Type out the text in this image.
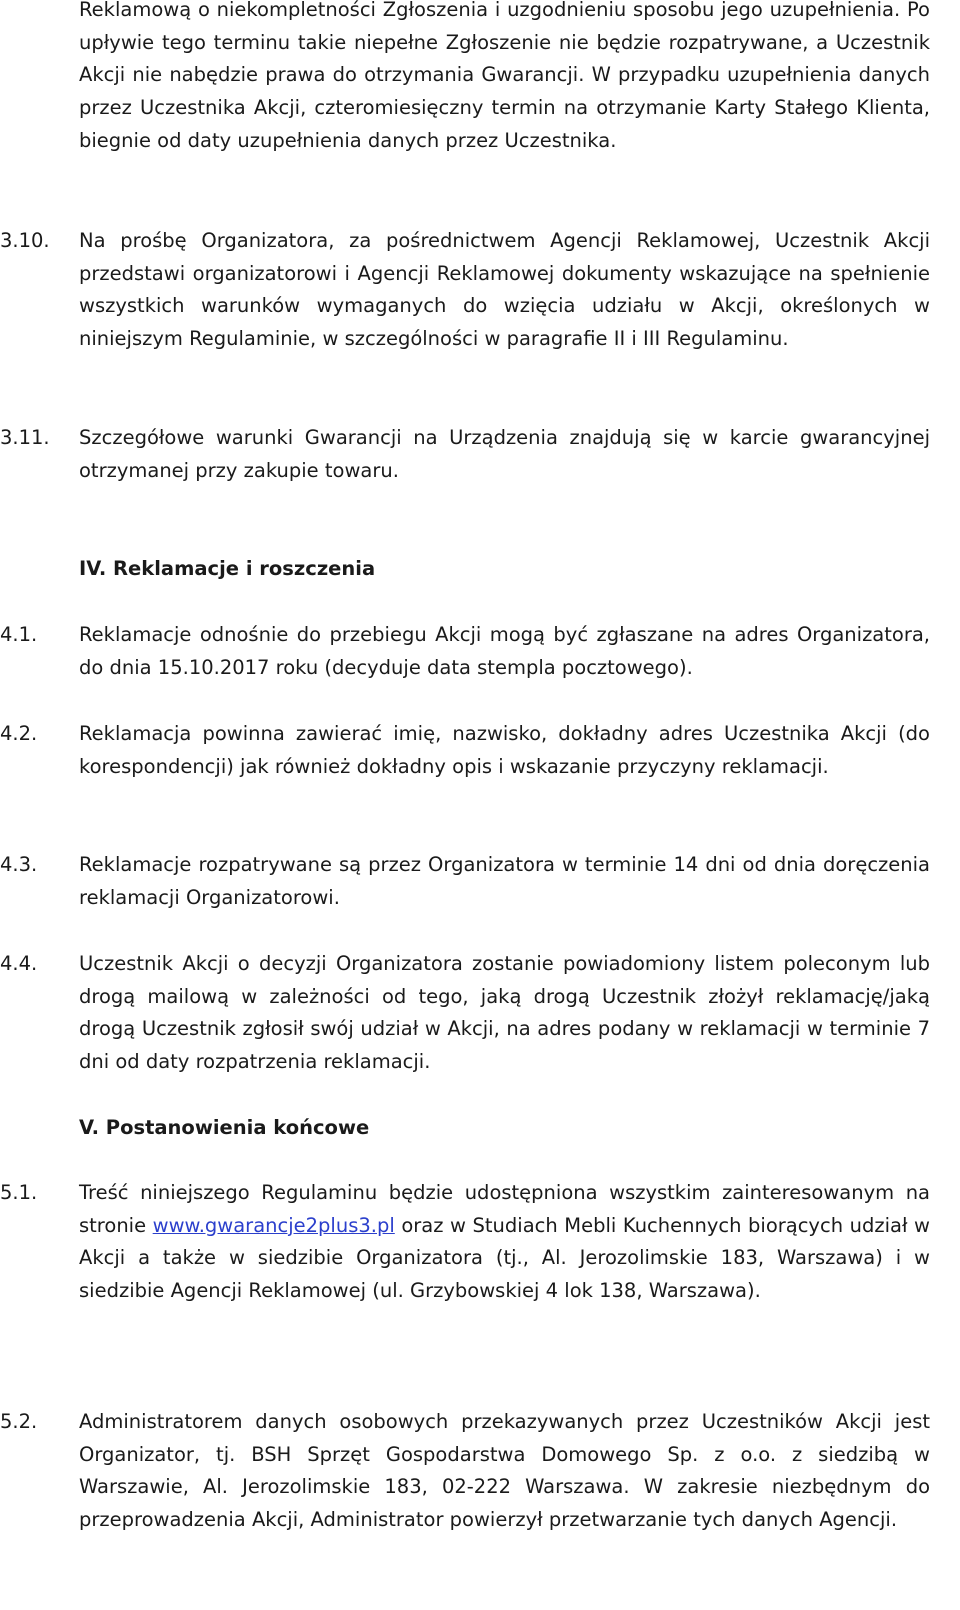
Reklamową o niekompletności Zgłoszenia i uzgodnieniu sposobu jego uzupełnienia. Po upływie tego terminu takie niepełne Zgłoszenie nie będzie rozpatrywane, a Uczestnik Akcji nie nabędzie prawa do otrzymania Gwarancji. W przypadku uzupełnienia danych przez Uczestnika Akcji, czteromiesięczny termin na otrzymanie Karty Stałego Klienta, biegnie od daty uzupełnienia danych przez Uczestnika.

3.10. Na prośbę Organizatora, za pośrednictwem Agencji Reklamowej, Uczestnik Akcji przedstawi organizatorowi i Agencji Reklamowej dokumenty wskazujące na spełnienie wszystkich warunków wymaganych do wzięcia udziału w Akcji, określonych w niniejszym Regulaminie, w szczególności w paragrafie II i III Regulaminu.

3.11. Szczegółowe warunki Gwarancji na Urządzenia znajdują się w karcie gwarancyjnej otrzymanej przy zakupie towaru.

IV. Reklamacje i roszczenia
4.1. Reklamacje odnośnie do przebiegu Akcji mogą być zgłaszane na adres Organizatora, do dnia 15.10.2017 roku (decyduje data stempla pocztowego).

4.2. Reklamacja powinna zawierać imię, nazwisko, dokładny adres Uczestnika Akcji (do korespondencji) jak również dokładny opis i wskazanie przyczyny reklamacji.

4.3. Reklamacje rozpatrywane są przez Organizatora w terminie 14 dni od dnia doręczenia reklamacji Organizatorowi.

4.4. Uczestnik Akcji o decyzji Organizatora zostanie powiadomiony listem poleconym lub drogą mailową w zależności od tego, jaką drogą Uczestnik złożył reklamację/jaką drogą Uczestnik zgłosił swój udział w Akcji, na adres podany w reklamacji w terminie 7 dni od daty rozpatrzenia reklamacji.

V. Postanowienia końcowe
5.1. Treść niniejszego Regulaminu będzie udostępniona wszystkim zainteresowanym na stronie www.gwarancje2plus3.pl oraz w Studiach Mebli Kuchennych biorących udział w Akcji a także w siedzibie Organizatora (tj., Al. Jerozolimskie 183, Warszawa) i w siedzibie Agencji Reklamowej (ul. Grzybowskiej 4 lok 138, Warszawa).

5.2. Administratorem danych osobowych przekazywanych przez Uczestników Akcji jest Organizator, tj. BSH Sprzęt Gospodarstwa Domowego Sp. z o.o. z siedzibą w Warszawie, Al. Jerozolimskie 183, 02-222 Warszawa. W zakresie niezbędnym do przeprowadzenia Akcji, Administrator powierzył przetwarzanie tych danych Agencji.
